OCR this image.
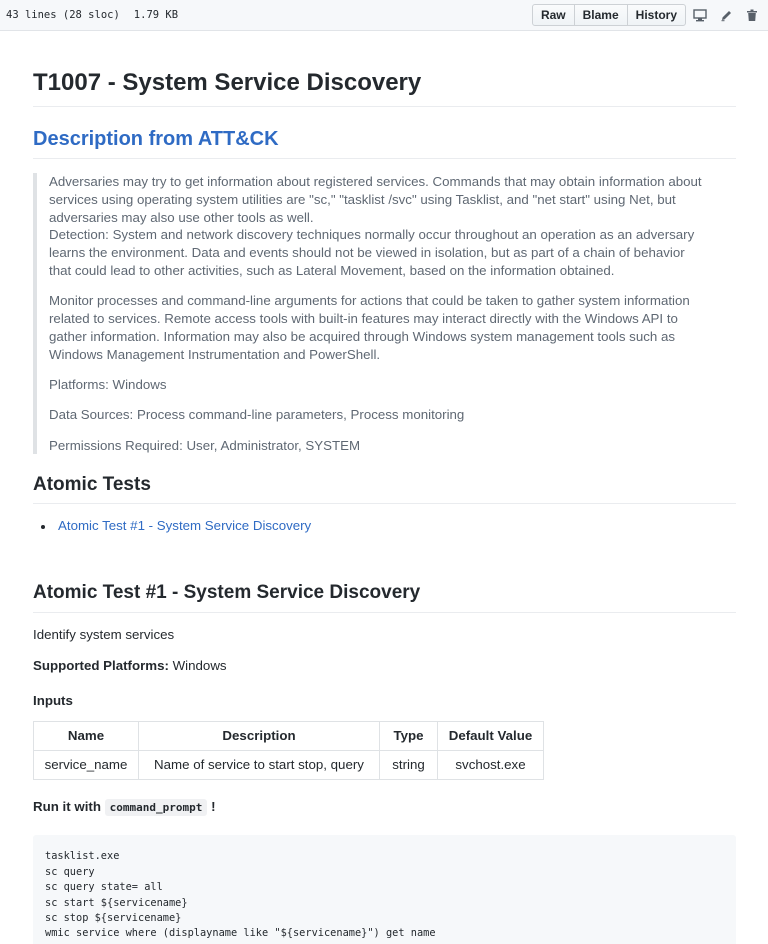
43 lines (28 sloc) 1.79 KB	Raw	Blame	History
T1007 - System Service Discovery
Description from ATT&CK

Adversaries may try to get information about registered services. Commands that may obtain information about
services using operating system utilities are "sc," "tasklist /svc" using Tasklist, and "net start" using Net, but
adversaries may also use other tools as well.
Detection: System and network discovery techniques normally occur throughout an operation as an adversary
learns the environment. Data and events should not be viewed in isolation, but as part of a chain of behavior
that could lead to other activities, such as Lateral Movement, based on the information obtained.

Monitor processes and command-line arguments for actions that could be taken to gather system information
related to services. Remote access tools with built-in features may interact directly with the Windows API to
gather information. Information may also be acquired through Windows system management tools such as
Windows Management Instrumentation and PowerShell.

Platforms: Windows

Data Sources: Process command-line parameters, Process monitoring

Permissions Required: User, Administrator, SYSTEM

Atomic Tests
Atomic Test #1 - System Service Discovery
Atomic Test #1 - System Service Discovery

Identify system services

Supported Platforms: Windows

Inputs
Name	Description	Type	Default Value
service_name	Name of service to start stop, query	string	svchost.exe

Run it with command_prompt !

tasklist.exe
sc query
sc query state= all
sc start ${servicename}
sc stop ${servicename}
wmic service where (displayname like "${servicename}") get name
